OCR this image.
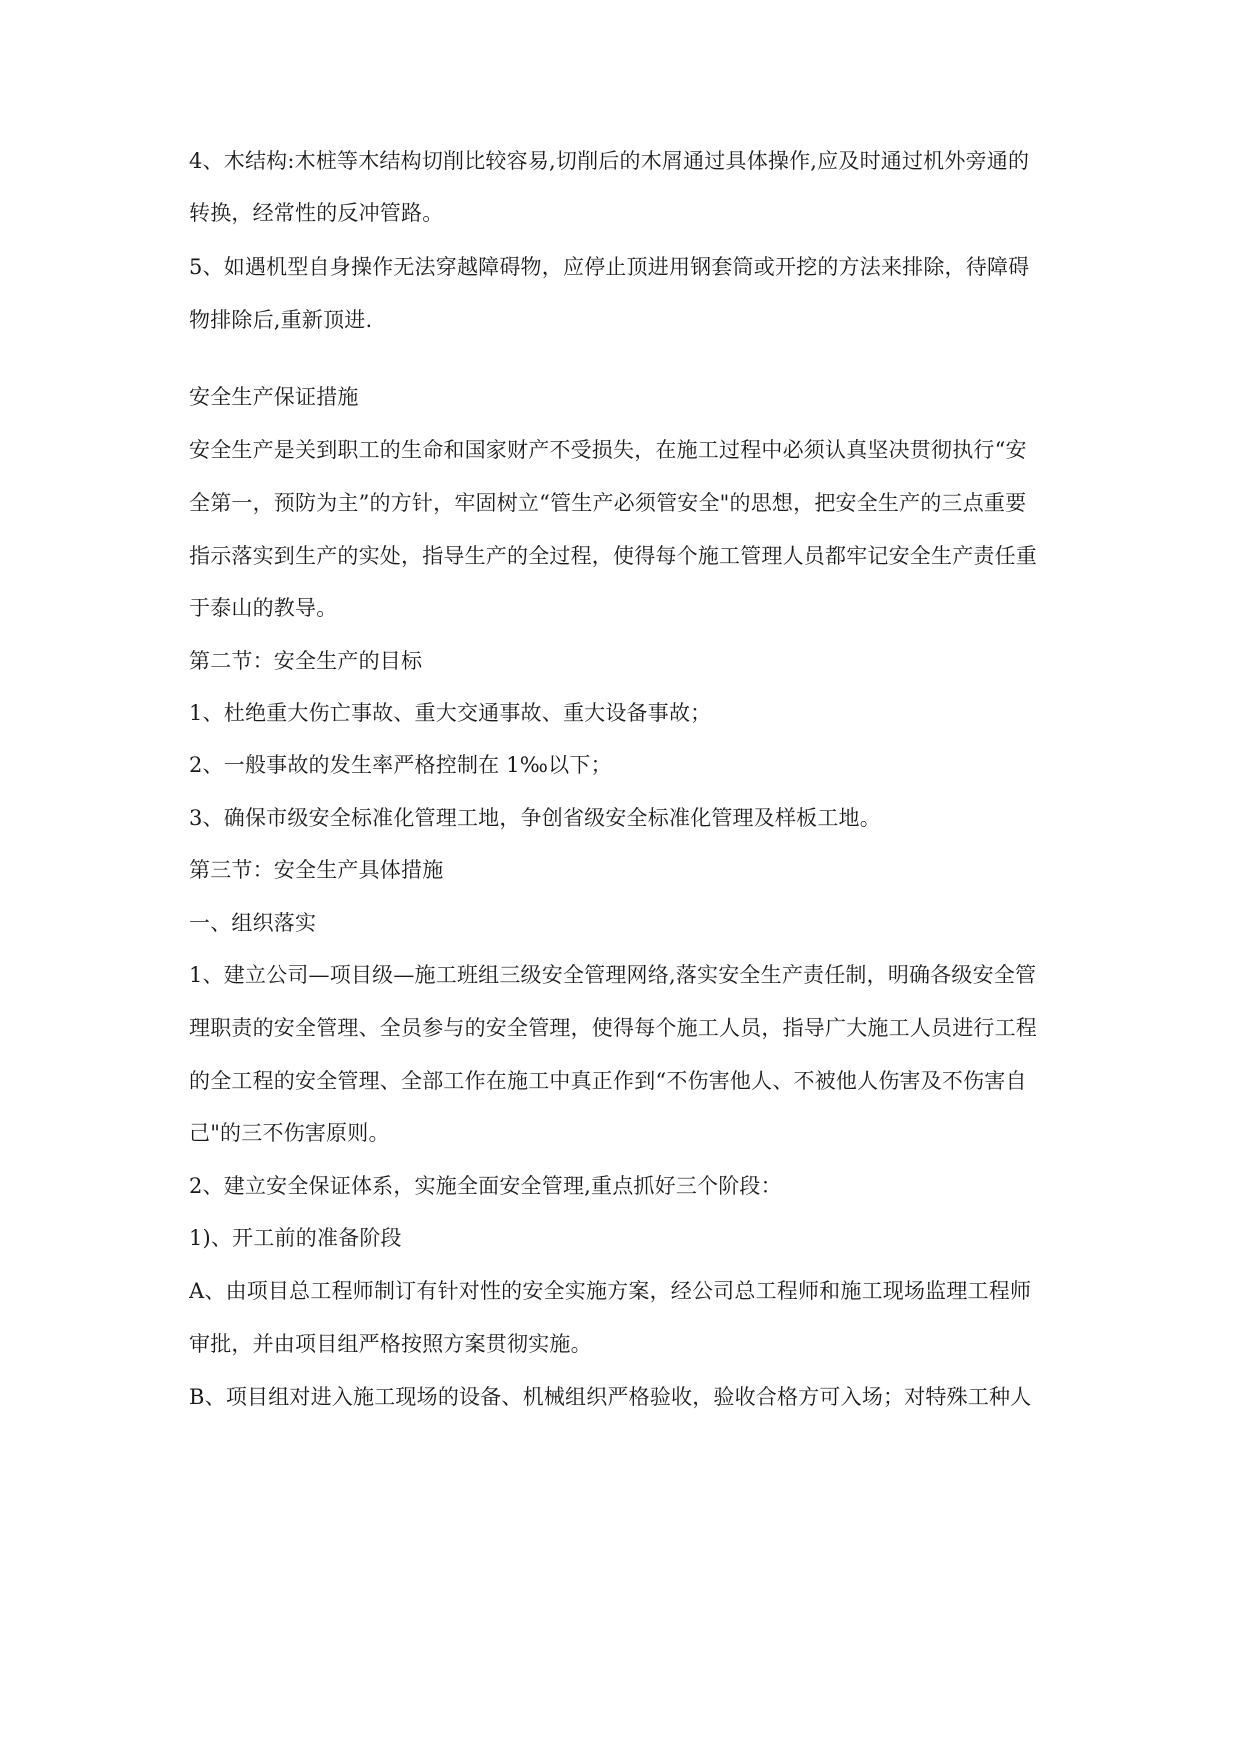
4、木结构:木桩等木结构切削比较容易,切削后的木屑通过具体操作,应及时通过机外旁通的
转换，经常性的反冲管路。
5、如遇机型自身操作无法穿越障碍物，应停止顶进用钢套筒或开挖的方法来排除，待障碍
物排除后,重新顶进.
安全生产保证措施
安全生产是关到职工的生命和国家财产不受损失，在施工过程中必须认真坚决贯彻执行“安
全第一，预防为主”的方针，牢固树立“管生产必须管安全"的思想，把安全生产的三点重要
指示落实到生产的实处，指导生产的全过程，使得每个施工管理人员都牢记安全生产责任重
于泰山的教导。
第二节：安全生产的目标
1、杜绝重大伤亡事故、重大交通事故、重大设备事故；
2、一般事故的发生率严格控制在 1‰以下；
3、确保市级安全标准化管理工地，争创省级安全标准化管理及样板工地。
第三节：安全生产具体措施
一、组织落实
1、建立公司—项目级—施工班组三级安全管理网络,落实安全生产责任制，明确各级安全管
理职责的安全管理、全员参与的安全管理，使得每个施工人员，指导广大施工人员进行工程
的全工程的安全管理、全部工作在施工中真正作到“不伤害他人、不被他人伤害及不伤害自
己"的三不伤害原则。
2、建立安全保证体系，实施全面安全管理,重点抓好三个阶段：
1)、开工前的准备阶段
A、由项目总工程师制订有针对性的安全实施方案，经公司总工程师和施工现场监理工程师
审批，并由项目组严格按照方案贯彻实施。
B、项目组对进入施工现场的设备、机械组织严格验收，验收合格方可入场；对特殊工种人
